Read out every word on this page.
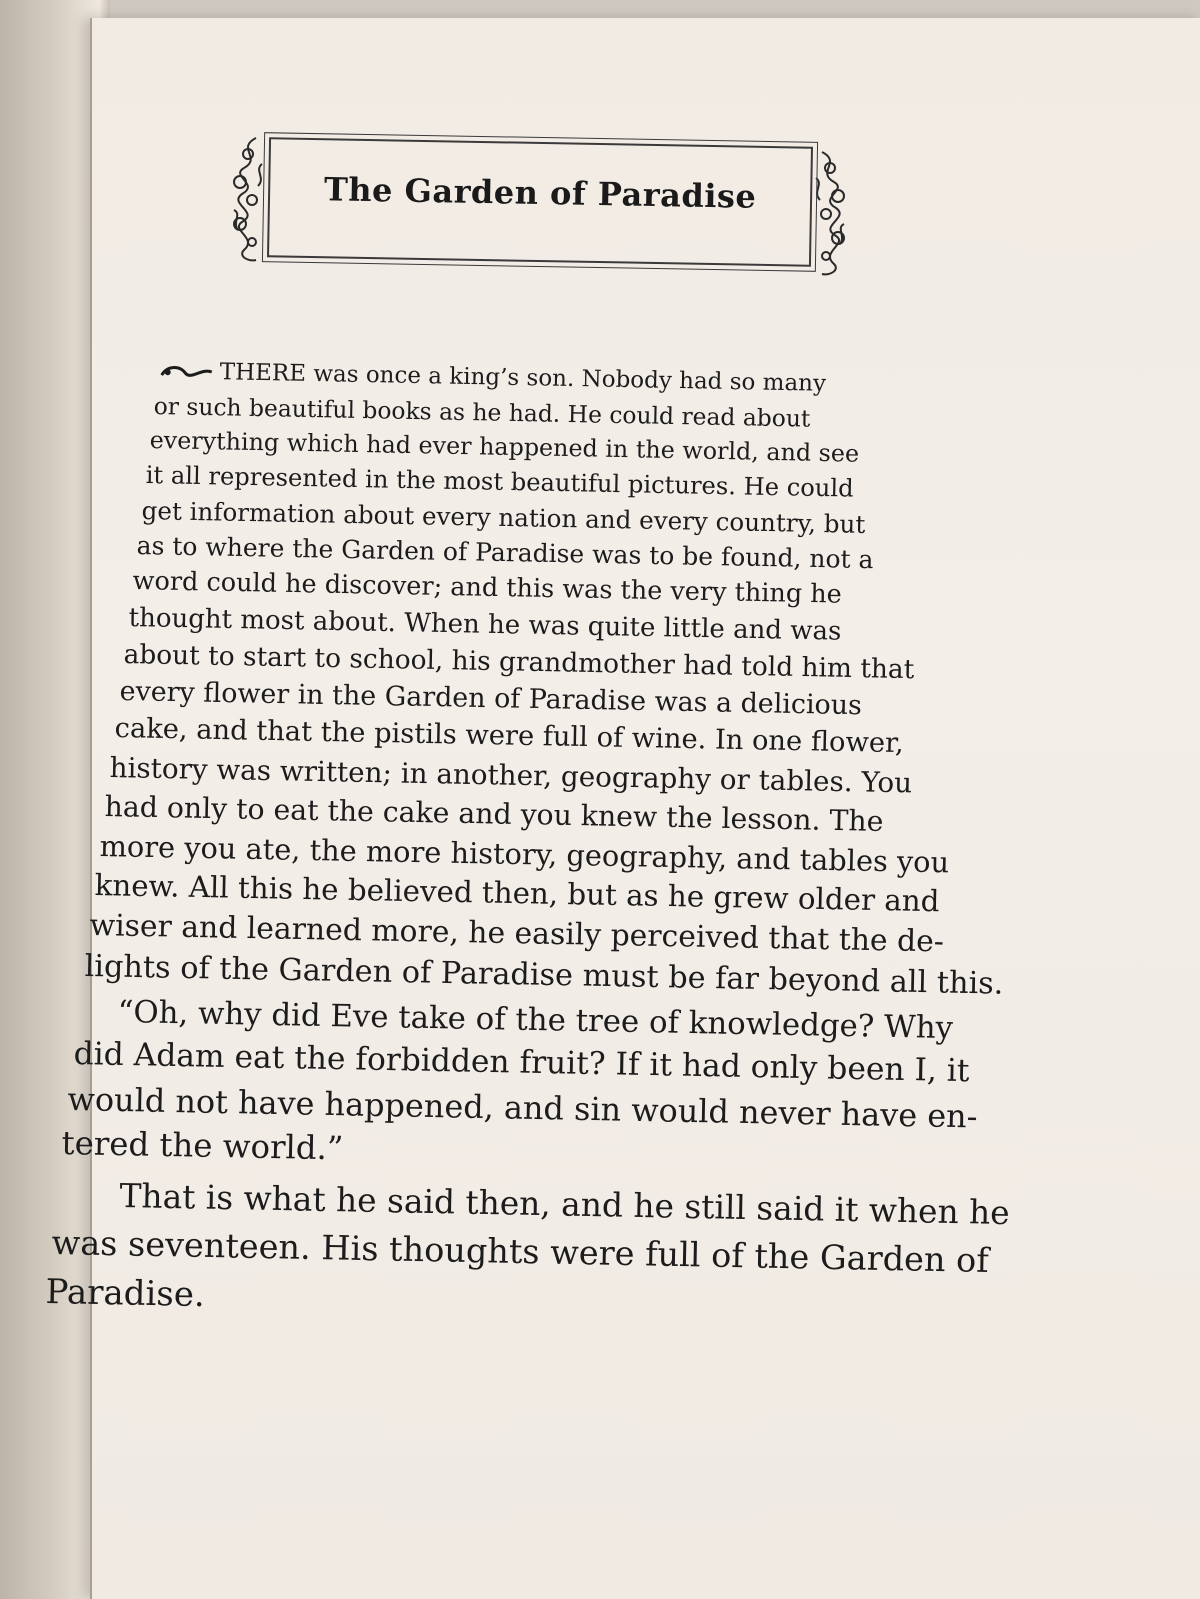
The Garden of Paradise
THERE was once a king’s son. Nobody had so many
or such beautiful books as he had. He could read about
everything which had ever happened in the world, and see
it all represented in the most beautiful pictures. He could
get information about every nation and every country, but
as to where the Garden of Paradise was to be found, not a
word could he discover; and this was the very thing he
thought most about. When he was quite little and was
about to start to school, his grandmother had told him that
every flower in the Garden of Paradise was a delicious
cake, and that the pistils were full of wine. In one flower,
history was written; in another, geography or tables. You
had only to eat the cake and you knew the lesson. The
more you ate, the more history, geography, and tables you
knew. All this he believed then, but as he grew older and
wiser and learned more, he easily perceived that the de-
lights of the Garden of Paradise must be far beyond all this.
“Oh, why did Eve take of the tree of knowledge? Why
did Adam eat the forbidden fruit? If it had only been I, it
would not have happened, and sin would never have en-
tered the world.”
That is what he said then, and he still said it when he
was seventeen. His thoughts were full of the Garden of
Paradise.
